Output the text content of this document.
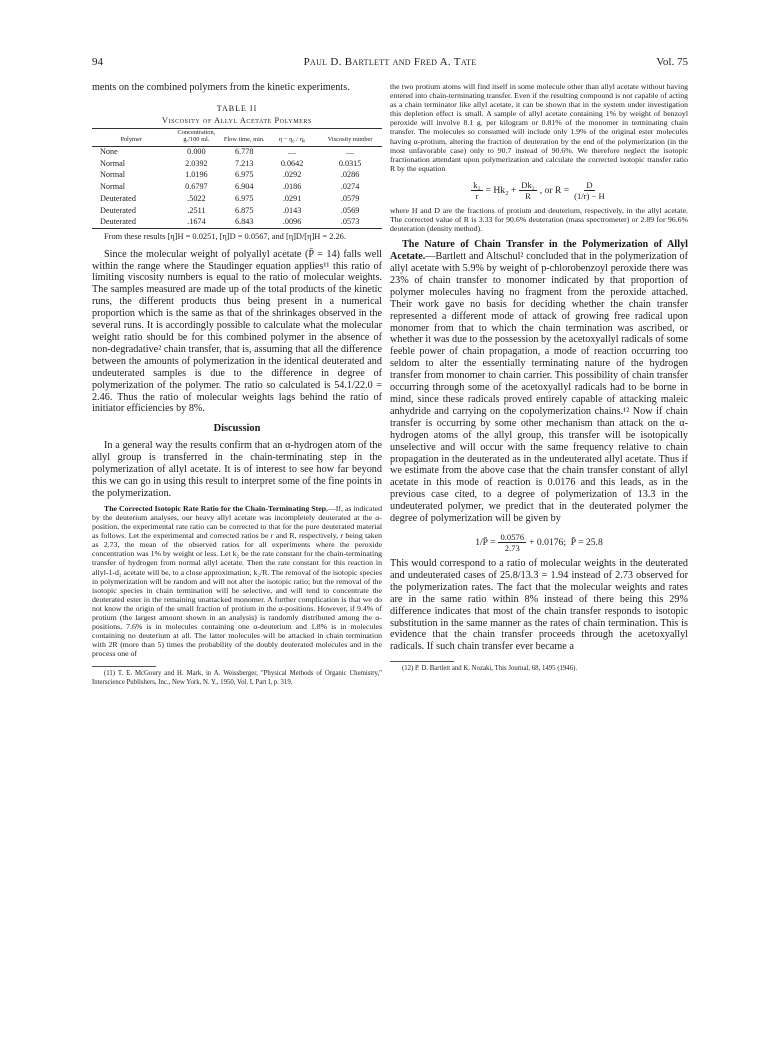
94	Paul D. Bartlett and Fred A. Tate	Vol. 75

ments on the combined polymers from the kinetic experiments.

TABLE II
Viscosity of Allyl Acetate Polymers
Polymer	Concentration, g./100 ml.	Flow time, min.	η − η₀ / η₀	Viscosity number
None	0.000	6.778	....	....
Normal	2.0392	7.213	0.0642	0.0315
Normal	1.0196	6.975	.0292	.0286
Normal	0.6797	6.904	.0186	.0274
Deuterated	.5022	6.975	.0291	.0579
Deuterated	.2511	6.875	.0143	.0569
Deuterated	.1674	6.843	.0096	.0573

From these results [η]H = 0.0251, [η]D = 0.0567, and [η]D/[η]H = 2.26.

Since the molecular weight of polyallyl acetate (P̄ = 14) falls well within the range where the Staudinger equation applies¹¹ this ratio of limiting viscosity numbers is equal to the ratio of molecular weights. The samples measured are made up of the total products of the kinetic runs, the different products thus being present in a numerical proportion which is the same as that of the shrinkages observed in the several runs. It is accordingly possible to calculate what the molecular weight ratio should be for this combined polymer in the absence of non-degradative² chain transfer, that is, assuming that all the difference between the amounts of polymerization in the identical deuterated and undeuterated samples is due to the difference in degree of polymerization of the polymer. The ratio so calculated is 54.1/22.0 = 2.46. Thus the ratio of molecular weights lags behind the ratio of initiator efficiencies by 8%.

Discussion

In a general way the results confirm that an α-hydrogen atom of the allyl group is transferred in the chain-terminating step in the polymerization of allyl acetate. It is of interest to see how far beyond this we can go in using this result to interpret some of the fine points in the polymerization.

The Corrected Isotopic Rate Ratio for the Chain-Terminating Step.—If, as indicated by the deuterium analyses, our heavy allyl acetate was incompletely deuterated at the α-position, the experimental rate ratio can be corrected to that for the pure deuterated material as follows. Let the experimental and corrected ratios be r and R, respectively, r being taken as 2.73, the mean of the observed ratios for all experiments where the peroxide concentration was 1% by weight or less. Let k₂ be the rate constant for the chain-terminating transfer of hydrogen from normal allyl acetate. Then the rate constant for this reaction in allyl-1-d₂ acetate will be, to a close approximation, k₂/R. The removal of the isotopic species in polymerization will be random and will not alter the isotopic ratio; but the removal of the isotopic species in chain termination will be selective, and will tend to concentrate the deuterated ester in the remaining unattacked monomer. A further complication is that we do not know the origin of the small fraction of protium in the α-positions. However, if 9.4% of protium (the largest amount shown in an analysis) is randomly distributed among the α-positions, 7.6% is in molecules containing one α-deuterium and 1.8% is in molecules containing no deuterium at all. The latter molecules will be attacked in chain termination with 2R (more than 5) times the probability of the doubly deuterated molecules and in the process one of

(11) T. E. McGoury and H. Mark, in A. Weissberger, "Physical Methods of Organic Chemistry," Interscience Publishers, Inc., New York, N. Y., 1950, Vol. I, Part I, p. 319.

the two protium atoms will find itself in some molecule other than allyl acetate without having entered into chain-terminating transfer. Even if the resulting compound is not capable of acting as a chain terminator like allyl acetate, it can be shown that in the system under investigation this depletion effect is small. A sample of allyl acetate containing 1% by weight of benzoyl peroxide will involve 8.1 g. per kilogram or 0.81% of the monomer in terminating chain transfer. The molecules so consumed will include only 1.9% of the original ester molecules having α-protium, altering the fraction of deuteration by the end of the polymerization (in the most unfavorable case) only to 90.7 instead of 90.6%. We therefore neglect the isotopic fractionation attendant upon polymerization and calculate the corrected isotopic transfer ratio R by the equation

$\frac{\text{k₂}}{r} = Hk_2 + \frac{\text{Dk₂}}{R}$ , or $R = \frac{D}{(1/r) - H}$

where H and D are the fractions of protium and deuterium, respectively, in the allyl acetate. The corrected value of R is 3.33 for 90.6% deuteration (mass spectrometer) or 2.89 for 96.6% deuteration (density method).

The Nature of Chain Transfer in the Polymerization of Allyl Acetate.—Bartlett and Altschul² concluded that in the polymerization of allyl acetate with 5.9% by weight of p-chlorobenzoyl peroxide there was 23% of chain transfer to monomer indicated by that proportion of polymer molecules having no fragment from the peroxide attached. Their work gave no basis for deciding whether the chain transfer represented a different mode of attack of growing free radical upon monomer from that to which the chain termination was ascribed, or whether it was due to the possession by the acetoxyallyl radicals of some feeble power of chain propagation, a mode of reaction occurring too seldom to alter the essentially terminating nature of the hydrogen transfer from monomer to chain carrier. This possibility of chain transfer occurring through some of the acetoxyallyl radicals had to be borne in mind, since these radicals proved entirely capable of attacking maleic anhydride and carrying on the copolymerization chains.¹² Now if chain transfer is occurring by some other mechanism than attack on the α-hydrogen atoms of the allyl group, this transfer will be isotopically unselective and will occur with the same frequency relative to chain propagation in the deuterated as in the undeuterated allyl acetate. Thus if we estimate from the above case that the chain transfer constant of allyl acetate in this mode of reaction is 0.0176 and this leads, as in the previous case cited, to a degree of polymerization of 13.3 in the undeuterated polymer, we predict that in the deuterated polymer the degree of polymerization will be given by

1/P̄ = $\frac{0.0576}{2.73} + 0.0176$;  P̄ = 25.8

This would correspond to a ratio of molecular weights in the deuterated and undeuterated cases of 25.8/13.3 = 1.94 instead of 2.73 observed for the polymerization rates. The fact that the molecular weights and rates are in the same ratio within 8% instead of there being this 29% difference indicates that most of the chain transfer responds to isotopic substitution in the same manner as the rates of chain termination. This is evidence that the chain transfer proceeds through the acetoxyallyl radicals. If such chain transfer ever became a

(12) P. D. Bartlett and K. Nozaki, This Journal, 68, 1495 (1946).
